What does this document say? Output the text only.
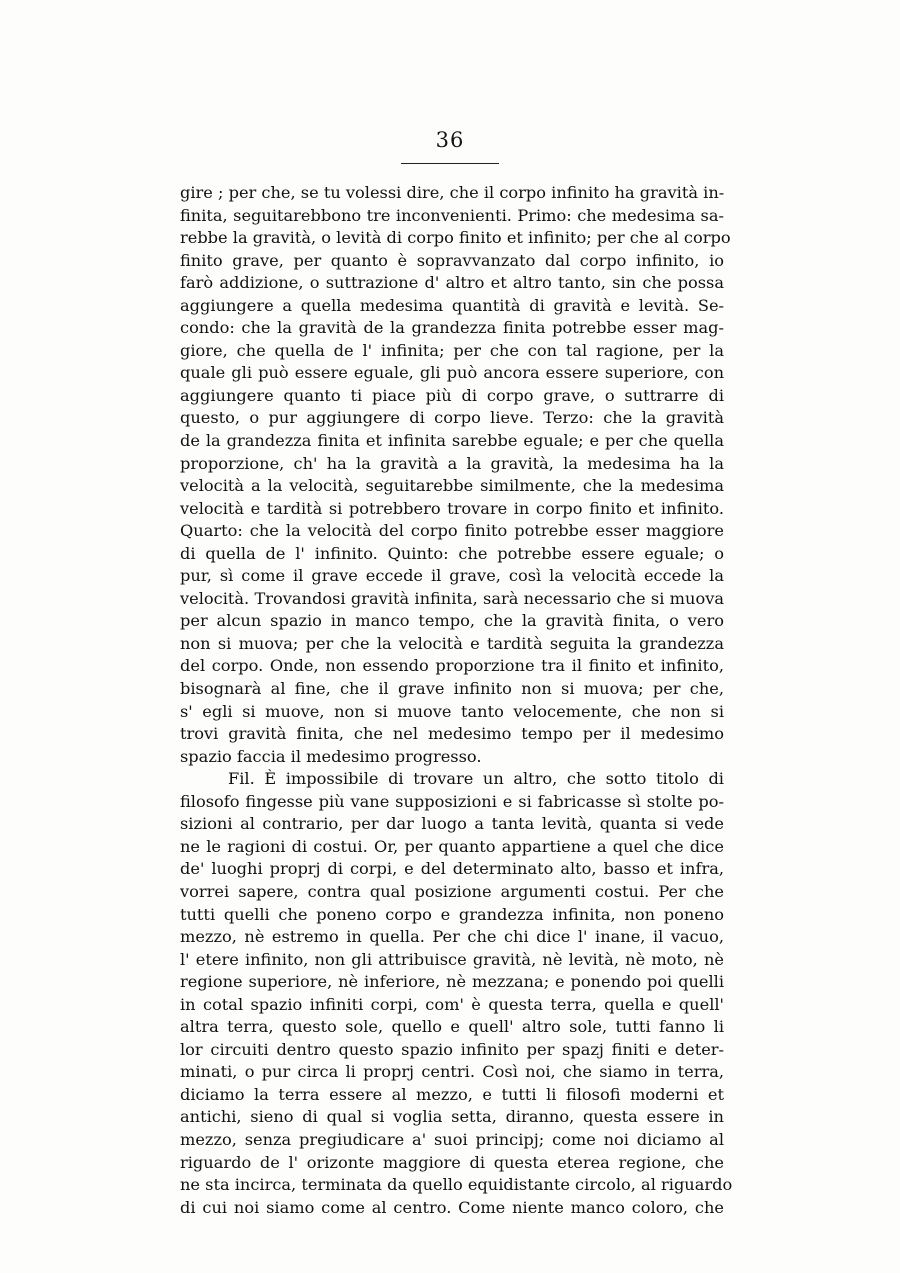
36
gire ; per che, se tu volessi dire, che il corpo infinito ha gravità in-
finita, seguitarebbono tre inconvenienti. Primo: che medesima sa-
rebbe la gravità, o levità di corpo finito et infinito; per che al corpo
finito grave, per quanto è sopravvanzato dal corpo infinito, io
farò addizione, o suttrazione d' altro et altro tanto, sin che possa
aggiungere a quella medesima quantità di gravità e levità. Se-
condo: che la gravità de la grandezza finita potrebbe esser mag-
giore, che quella de l' infinita; per che con tal ragione, per la
quale gli può essere eguale, gli può ancora essere superiore, con
aggiungere quanto ti piace più di corpo grave, o suttrarre di
questo, o pur aggiungere di corpo lieve. Terzo: che la gravità
de la grandezza finita et infinita sarebbe eguale; e per che quella
proporzione, ch' ha la gravità a la gravità, la medesima ha la
velocità a la velocità, seguitarebbe similmente, che la medesima
velocità e tardità si potrebbero trovare in corpo finito et infinito.
Quarto: che la velocità del corpo finito potrebbe esser maggiore
di quella de l' infinito. Quinto: che potrebbe essere eguale; o
pur, sì come il grave eccede il grave, così la velocità eccede la
velocità. Trovandosi gravità infinita, sarà necessario che si muova
per alcun spazio in manco tempo, che la gravità finita, o vero
non si muova; per che la velocità e tardità seguita la grandezza
del corpo. Onde, non essendo proporzione tra il finito et infinito,
bisognarà al fine, che il grave infinito non si muova; per che,
s' egli si muove, non si muove tanto velocemente, che non si
trovi gravità finita, che nel medesimo tempo per il medesimo
spazio faccia il medesimo progresso.
Fil. È impossibile di trovare un altro, che sotto titolo di
filosofo fingesse più vane supposizioni e si fabricasse sì stolte po-
sizioni al contrario, per dar luogo a tanta levità, quanta si vede
ne le ragioni di costui. Or, per quanto appartiene a quel che dice
de' luoghi proprj di corpi, e del determinato alto, basso et infra,
vorrei sapere, contra qual posizione argumenti costui. Per che
tutti quelli che poneno corpo e grandezza infinita, non poneno
mezzo, nè estremo in quella. Per che chi dice l' inane, il vacuo,
l' etere infinito, non gli attribuisce gravità, nè levità, nè moto, nè
regione superiore, nè inferiore, nè mezzana; e ponendo poi quelli
in cotal spazio infiniti corpi, com' è questa terra, quella e quell'
altra terra, questo sole, quello e quell' altro sole, tutti fanno li
lor circuiti dentro questo spazio infinito per spazj finiti e deter-
minati, o pur circa li proprj centri. Così noi, che siamo in terra,
diciamo la terra essere al mezzo, e tutti li filosofi moderni et
antichi, sieno di qual si voglia setta, diranno, questa essere in
mezzo, senza pregiudicare a' suoi principj; come noi diciamo al
riguardo de l' orizonte maggiore di questa eterea regione, che
ne sta incirca, terminata da quello equidistante circolo, al riguardo
di cui noi siamo come al centro. Come niente manco coloro, che
